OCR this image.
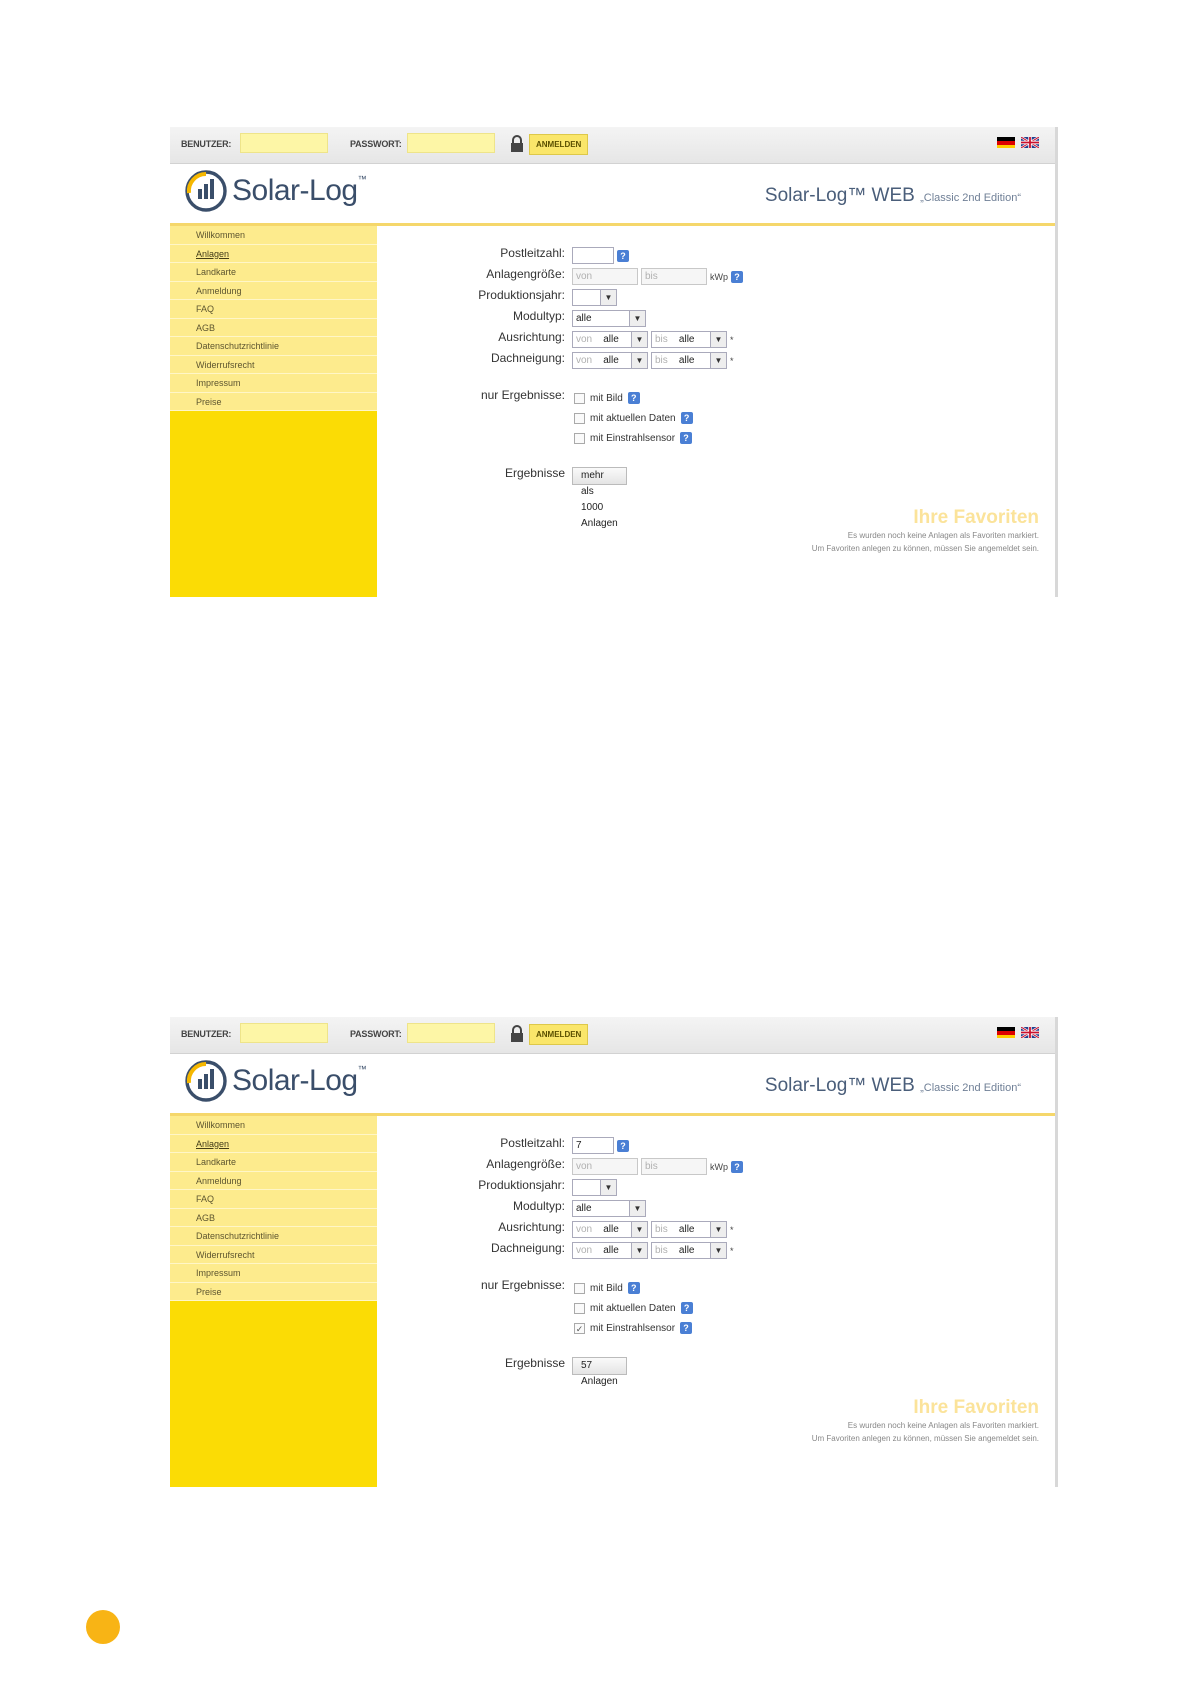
BENUTZER:	PASSWORT:	ANMELDEN
Solar-Log™
Solar-Log™ WEB „Classic 2nd Edition“
Willkommen
Anlagen
Landkarte
Anmeldung
FAQ
AGB
Datenschutzrichtlinie
Widerrufsrecht
Impressum
Preise
Postleitzahl:	?
Anlagengröße:	von	bis	kWp ?
Produktionsjahr:	▼
Modultyp:	alle	▼
Ausrichtung:	von alle	▼	bis alle	▼ *
Dachneigung:	von alle	▼	bis alle	▼ *
nur Ergebnisse:	mit Bild ?
mit aktuellen Daten ?
mit Einstrahlsensor ?
Ergebnisse	mehr als 1000 Anlagen	Ihre Favoriten
Es wurden noch keine Anlagen als Favoriten markiert.
Um Favoriten anlegen zu können, müssen Sie angemeldet sein.
BENUTZER:	PASSWORT:	ANMELDEN
Solar-Log™
Solar-Log™ WEB „Classic 2nd Edition“
Willkommen
Anlagen
Landkarte
Anmeldung
FAQ
AGB
Datenschutzrichtlinie
Widerrufsrecht
Impressum
Preise
Postleitzahl:	7	?
Anlagengröße:	von	bis	kWp ?
Produktionsjahr:	▼
Modultyp:	alle	▼
Ausrichtung:	von alle	▼	bis alle	▼ *
Dachneigung:	von alle	▼	bis alle	▼ *
nur Ergebnisse:	mit Bild ?
mit aktuellen Daten ?
✓ mit Einstrahlsensor ?
Ergebnisse	57 Anlagen
Ihre Favoriten
Es wurden noch keine Anlagen als Favoriten markiert.
Um Favoriten anlegen zu können, müssen Sie angemeldet sein.
